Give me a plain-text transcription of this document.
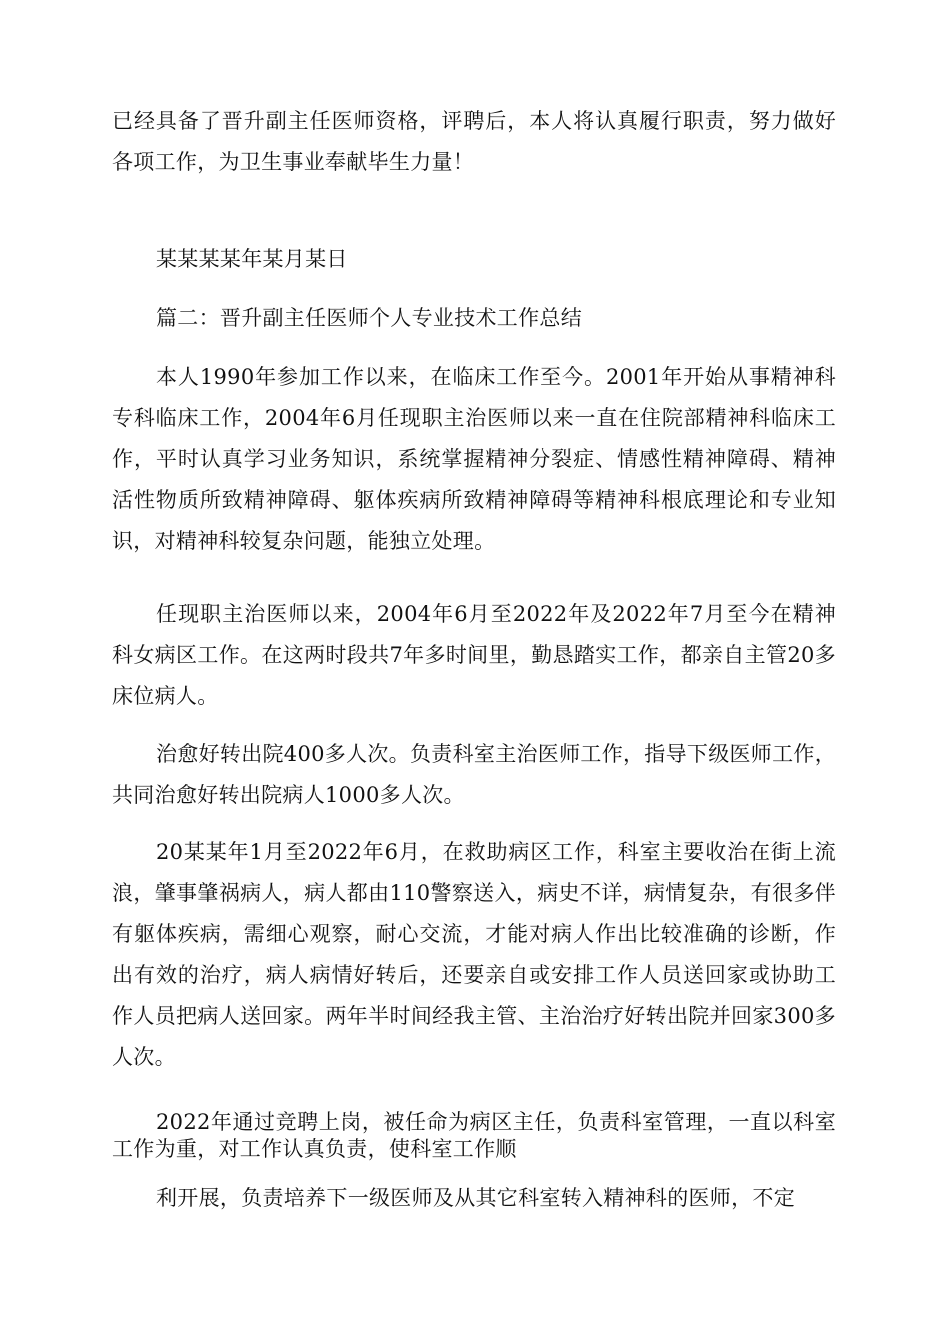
已经具备了晋升副主任医师资格，评聘后，本人将认真履行职责，努力做好各项工作，为卫生事业奉献毕生力量！

某某某某年某月某日

篇二：晋升副主任医师个人专业技术工作总结

本人1990年参加工作以来，在临床工作至今。2001年开始从事精神科专科临床工作，2004年6月任现职主治医师以来一直在住院部精神科临床工作，平时认真学习业务知识，系统掌握精神分裂症、情感性精神障碍、精神活性物质所致精神障碍、躯体疾病所致精神障碍等精神科根底理论和专业知识，对精神科较复杂问题，能独立处理。

任现职主治医师以来，2004年6月至2022年及2022年7月至今在精神科女病区工作。在这两时段共7年多时间里，勤恳踏实工作，都亲自主管20多床位病人。

治愈好转出院400多人次。负责科室主治医师工作，指导下级医师工作，共同治愈好转出院病人1000多人次。

20某某年1月至2022年6月，在救助病区工作，科室主要收治在街上流浪，肇事肇祸病人，病人都由110警察送入，病史不详，病情复杂，有很多伴有躯体疾病，需细心观察，耐心交流，才能对病人作出比较准确的诊断，作出有效的治疗，病人病情好转后，还要亲自或安排工作人员送回家或协助工作人员把病人送回家。两年半时间经我主管、主治治疗好转出院并回家300多人次。

2022年通过竞聘上岗，被任命为病区主任，负责科室管理，一直以科室工作为重，对工作认真负责，使科室工作顺

利开展，负责培养下一级医师及从其它科室转入精神科的医师，不定
